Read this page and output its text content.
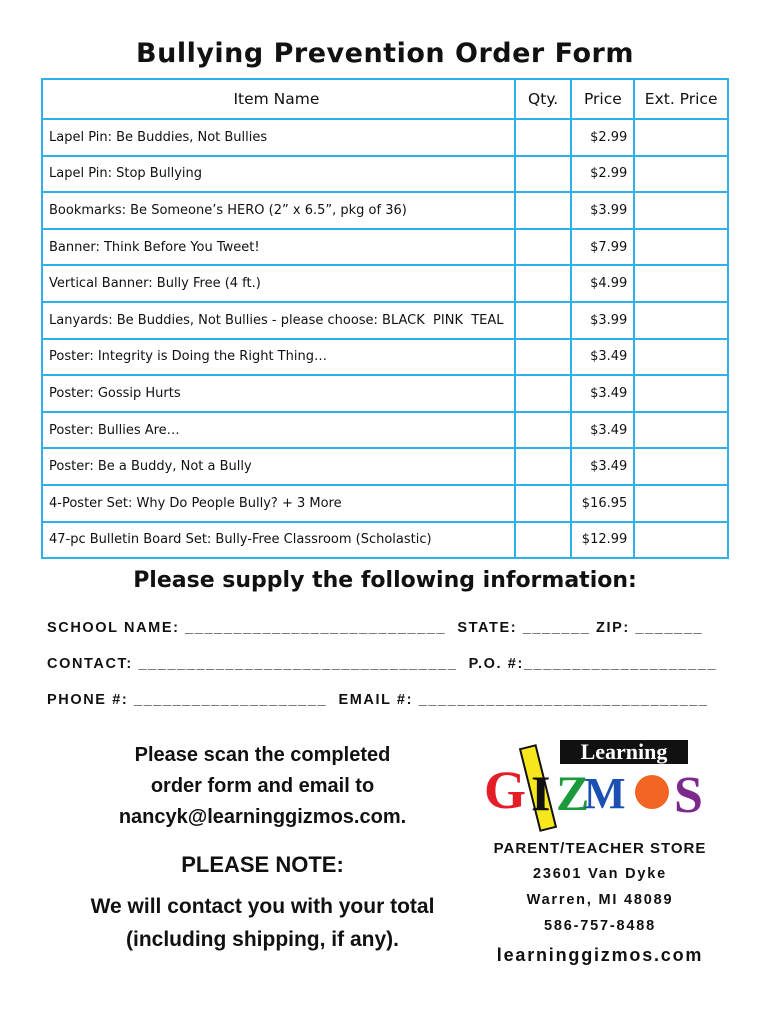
Bullying Prevention Order Form
Item Name	Qty.	Price	Ext. Price
Lapel Pin: Be Buddies, Not Bullies		$2.99	
Lapel Pin: Stop Bullying		$2.99	
Bookmarks: Be Someone’s HERO (2” x 6.5”, pkg of 36)		$3.99	
Banner: Think Before You Tweet!		$7.99	
Vertical Banner: Bully Free (4 ft.)		$4.99	
Lanyards: Be Buddies, Not Bullies - please choose: BLACK  PINK  TEAL		$3.99	
Poster: Integrity is Doing the Right Thing…		$3.49	
Poster: Gossip Hurts		$3.49	
Poster: Bullies Are…		$3.49	
Poster: Be a Buddy, Not a Bully		$3.49	
4-Poster Set: Why Do People Bully? + 3 More		$16.95	
47-pc Bulletin Board Set: Bully-Free Classroom (Scholastic)		$12.99	
Please supply the following information:
SCHOOL NAME: ___________________________  STATE: _______ ZIP: _______
CONTACT: _________________________________  P.O. #:____________________
PHONE #: ____________________  EMAIL #: ______________________________
Please scan the completed
order form and email to
nancyk@learninggizmos.com.
PLEASE NOTE:
We will contact you with your total
(including shipping, if any).
Learning
G I Z
M O S
PARENT/TEACHER STORE
23601 Van Dyke
Warren, MI 48089
586-757-8488
learninggizmos.com
